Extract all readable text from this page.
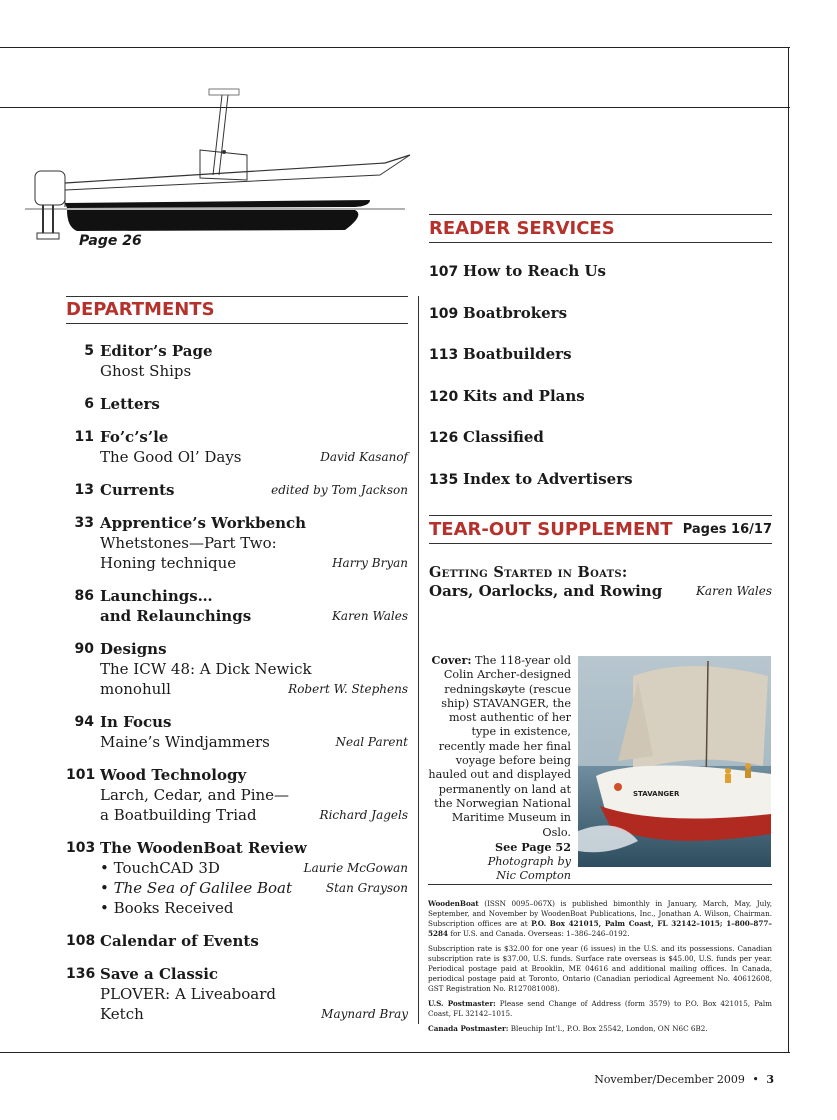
Page 26
DEPARTMENTS
5 Editor’s Page
Ghost Ships
6 Letters
11 Fo’c’s’le
The Good Ol’ Days	David Kasanof
13 Currents	edited by Tom Jackson
33 Apprentice’s Workbench
Whetstones—Part Two:
Honing technique	Harry Bryan
86 Launchings…
and Relaunchings	Karen Wales
90 Designs
The ICW 48: A Dick Newick
monohull	Robert W. Stephens
94 In Focus
Maine’s Windjammers	Neal Parent
101 Wood Technology
Larch, Cedar, and Pine—
a Boatbuilding Triad	Richard Jagels
103 The WoodenBoat Review
• TouchCAD 3D	Laurie McGowan
• The Sea of Galilee Boat	Stan Grayson
• Books Received
108 Calendar of Events
136 Save a Classic
PLOVER: A Liveaboard
Ketch	Maynard Bray
READER SERVICES
107 How to Reach Us
109 Boatbrokers
113 Boatbuilders
120 Kits and Plans
126 Classified
135 Index to Advertisers
TEAR-OUT SUPPLEMENT Pages 16/17
Getting Started in Boats:
Oars, Oarlocks, and Rowing	Karen Wales
Cover: The 118-year old Colin Archer-designed redningskøyte (rescue ship) STAVANGER, the most authentic of her type in existence, recently made her final voyage before being hauled out and displayed permanently on land at the Norwegian National Maritime Museum in Oslo.
See Page 52
Photograph by
Nic Compton
STAVANGER

WoodenBoat (ISSN 0095–067X) is published bimonthly in January, March, May, July, September, and November by WoodenBoat Publications, Inc., Jonathan A. Wilson, Chairman. Subscription offices are at P.O. Box 421015, Palm Coast, FL 32142–1015; 1–800–877–5284 for U.S. and Canada. Overseas: 1–386–246–0192.

Subscription rate is $32.00 for one year (6 issues) in the U.S. and its possessions. Canadian subscription rate is $37.00, U.S. funds. Surface rate overseas is $45.00, U.S. funds per year. Periodical postage paid at Brooklin, ME 04616 and additional mailing offices. In Canada, periodical postage paid at Toronto, Ontario (Canadian periodical Agreement No. 40612608, GST Registration No. R127081008).

U.S. Postmaster: Please send Change of Address (form 3579) to P.O. Box 421015, Palm Coast, FL 32142–1015.

Canada Postmaster: Bleuchip Int’l., P.O. Box 25542, London, ON N6C 6B2.

November/December 2009 • 3
